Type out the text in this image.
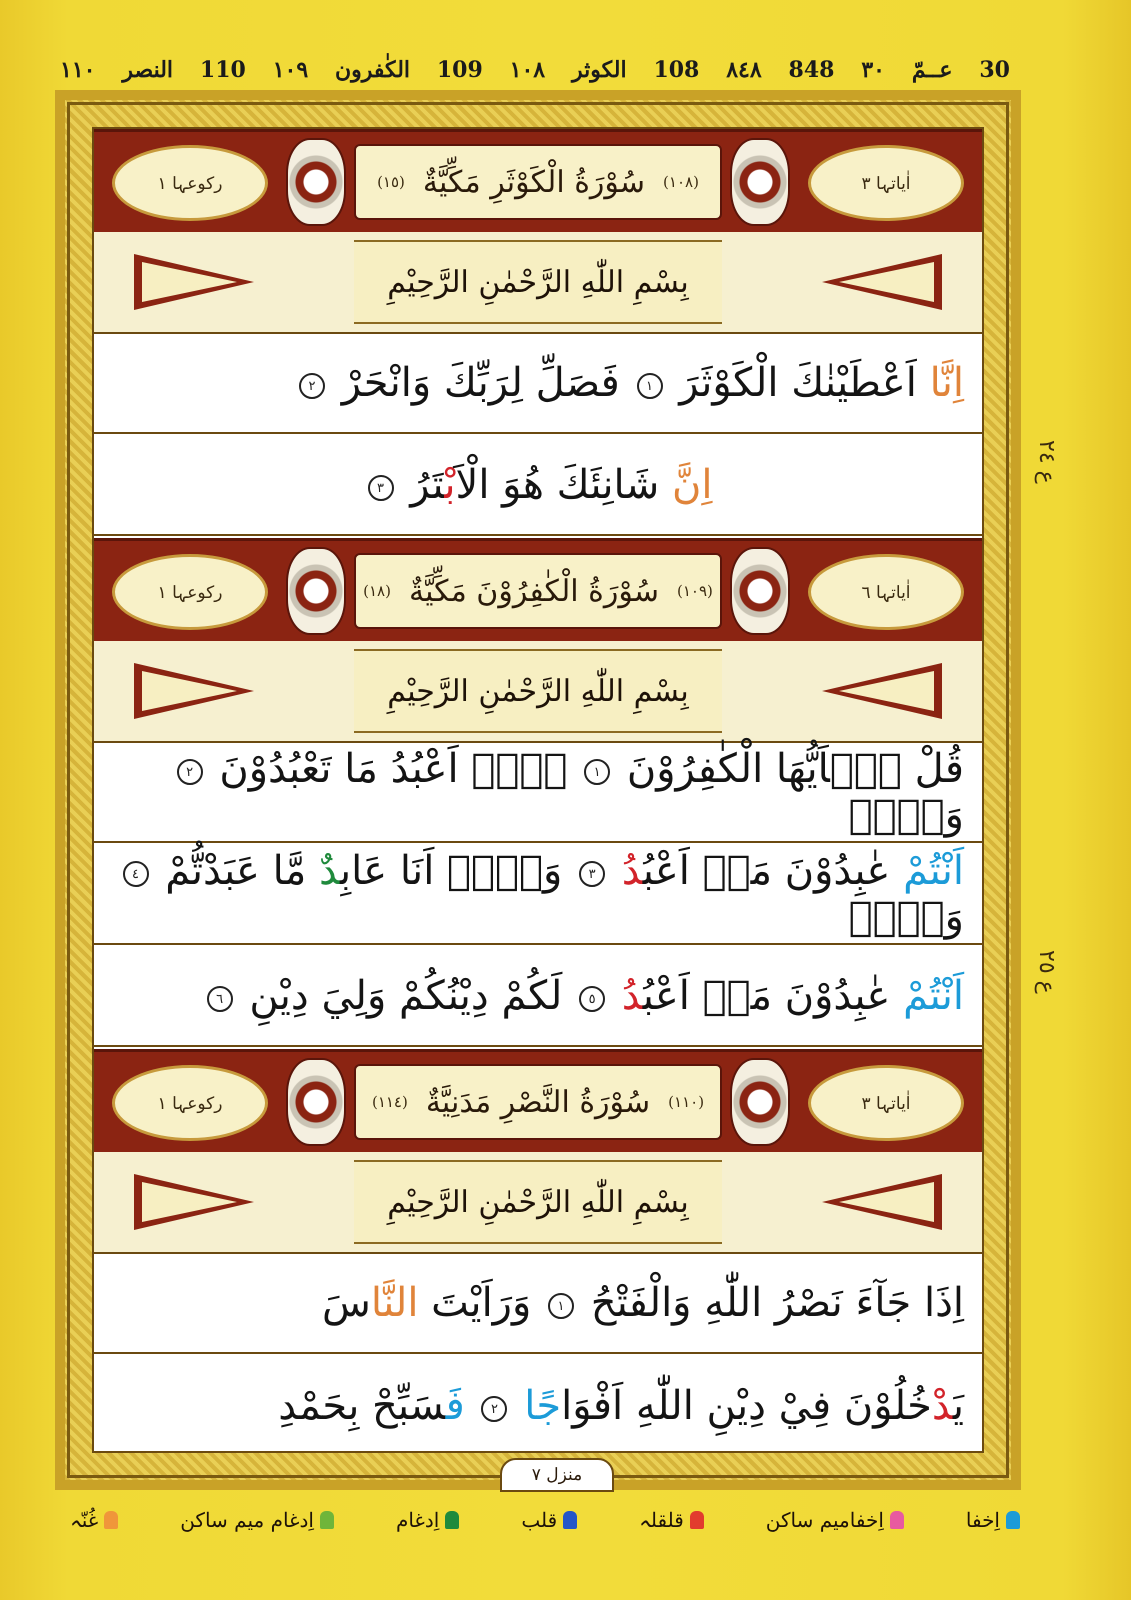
30
عــمّ
٣٠
848
٨٤٨
108
الکوثر
١٠٨
109
الکٰفرون
١٠٩
110
النصر
١١٠
اٰیاتہا ٣
(١٠٨)
سُوْرَةُ الْكَوْثَرِ مَكِّيَّةٌ
(١٥)
رکوعہا ١
بِسْمِ اللّٰهِ الرَّحْمٰنِ الرَّحِيْمِ
اِنَّا اَعْطَيْنٰكَ الْكَوْثَرَ ١ فَصَلِّ لِرَبِّكَ وَانْحَرْ ٢
اِنَّ شَانِئَكَ هُوَ الْاَبْتَرُ ٣
اٰیاتہا ٦
(١٠٩)
سُوْرَةُ الْكٰفِرُوْنَ مَكِّيَّةٌ
(١٨)
رکوعہا ١
بِسْمِ اللّٰهِ الرَّحْمٰنِ الرَّحِيْمِ
قُلْ يٰۤاَيُّهَا الْكٰفِرُوْنَ ١ لَاۤ اَعْبُدُ مَا تَعْبُدُوْنَ ٢ وَلَاۤ
اَنْتُمْ عٰبِدُوْنَ مَاۤ اَعْبُدُ ٣ وَلَاۤ اَنَا عَابِدٌ مَّا عَبَدْتُّمْ ٤ وَلَاۤ
اَنْتُمْ عٰبِدُوْنَ مَاۤ اَعْبُدُ ٥ لَكُمْ دِيْنُكُمْ وَلِيَ دِيْنِ ٦
اٰیاتہا ٣
(١١٠)
سُوْرَةُ النَّصْرِ مَدَنِيَّةٌ
(١١٤)
رکوعہا ١
بِسْمِ اللّٰهِ الرَّحْمٰنِ الرَّحِيْمِ
اِذَا جَآءَ نَصْرُ اللّٰهِ وَالْفَتْحُ ١ وَرَاَيْتَ النَّاسَ
يَدْخُلُوْنَ فِيْ دِيْنِ اللّٰهِ اَفْوَاجًا ٢ فَسَبِّحْ بِحَمْدِ
ع ٢٤
ع ٢٥
منزل ٧
اِخفا
اِخفامیم ساکن
قلقلہ
قلب
اِدغام
اِدغام میم ساکن
غُنّہ
